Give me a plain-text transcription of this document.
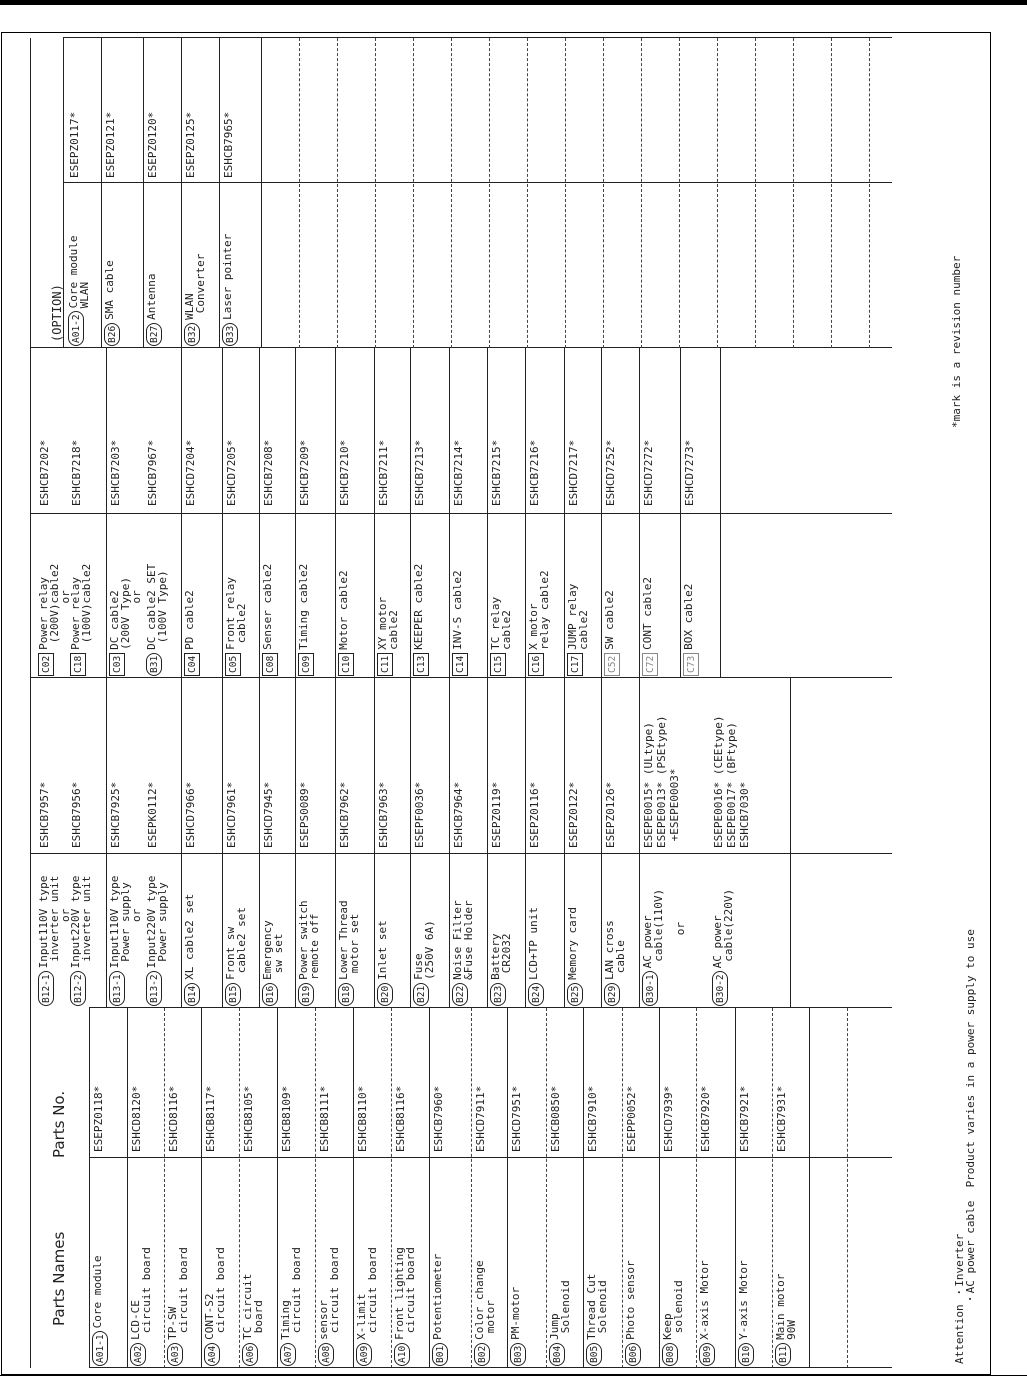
Parts Names
Parts No.
A01-1
Core module
ESEPZ0118*
A02
LCD-CE
circuit board
ESHCD8120*
A03
TP-SW
circuit board
ESHCD8116*
A04
CONT-S2
circuit board
ESHCB8117*
A06
TC circuit
board
ESHCB8105*
A07
Timing
circuit board
ESHCB8109*
A08
sensor
circuit board
ESHCB8111*
A09
X-limit
circuit board
ESHCB8110*
A10
Front lighting
circuit board
ESHCB8116*
B01
Potentiometer
ESHCB7960*
B02
Color change
motor
ESHCD7911*
B03
PM-motor
ESHCD7951*
B04
Jump
Solenoid
ESHCB0850*
B05
Thread Cut
Solenoid
ESHCB7910*
B06
Photo sensor
ESEPP0052*
B08
Keep
solenoid
ESHCD7939*
B09
X-axis Motor
ESHCB7920*
B10
Y-axis Motor
ESHCB7921*
B11
Main motor
90W
ESHCB7931*
B12-1
Input110V type
inverter unit
or
ESHCB7957*
B12-2
Input220V type
inverter unit
ESHCB7956*
B13-1
Input110V type
Power supply
or
ESHCB7925*
B13-2
Input220V type
Power supply
ESEPK0112*
B14
XL cable2 set
ESHCD7966*
B15
Front sw
cable2 set
ESHCD7961*
B16
Emergency
sw set
ESHCD7945*
B19
Power switch
remote off
ESEPS0089*
B18
Lower Thread
motor set
ESHCB7962*
B20
Inlet set
ESHCB7963*
B21
Fuse
(250V 6A)
ESEPF0036*
B22
Noise Filter
&Fuse Holder
ESHCB7964*
B23
Battery
CR2032
ESEPZ0119*
B24
LCD+TP unit
ESEPZ0116*
B25
Memory card
ESEPZ0122*
B29
LAN cross
cable
ESEPZ0126*
B30-1
AC power
cable(110V)

or
ESEPE0015* (ULtype)
ESEPE0013* (PSEtype)
+ESEPE0003*
B30-2
AC power
cable(220V)
ESEPE0016* (CEEtype)
ESEPE0017* (BFtype)
ESHCB7030*
C02
Power relay
(200V)cable2
or
ESHCB7202*
C18
Power relay
(100V)cable2
ESHCB7218*
C03
DC cable2
(200V Type)
or
ESHCB7203*
B31
DC cable2 SET
(100V Type)
ESHCB7967*
C04
PD cable2
ESHCD7204*
C05
Front relay
cable2
ESHCD7205*
C08
Senser cable2
ESHCB7208*
C09
Timing cable2
ESHCB7209*
C10
Motor cable2
ESHCB7210*
C11
XY motor
cable2
ESHCB7211*
C13
KEEPER cable2
ESHCB7213*
C14
INV-S cable2
ESHCB7214*
C15
TC relay
cable2
ESHCB7215*
C16
X motor
relay cable2
ESHCB7216*
C17
JUMP relay
cable2
ESHCD7217*
C52
SW cable2
ESHCD7252*
C72
CONT cable2
ESHCD7272*
C73
BOX cable2
ESHCD7273*
(OPTION) A01-2
Core module
WLAN
ESEPZ0117*
B26
SMA cable
ESEPZ0121*
B27
Antenna
ESEPZ0120*
B32
WLAN
Converter
ESEPZ0125*
B33
Laser pointer
ESHCB7965*
Attention ・Inverter
・AC power cable  Product varies in a power supply to use
*mark is a revision number
